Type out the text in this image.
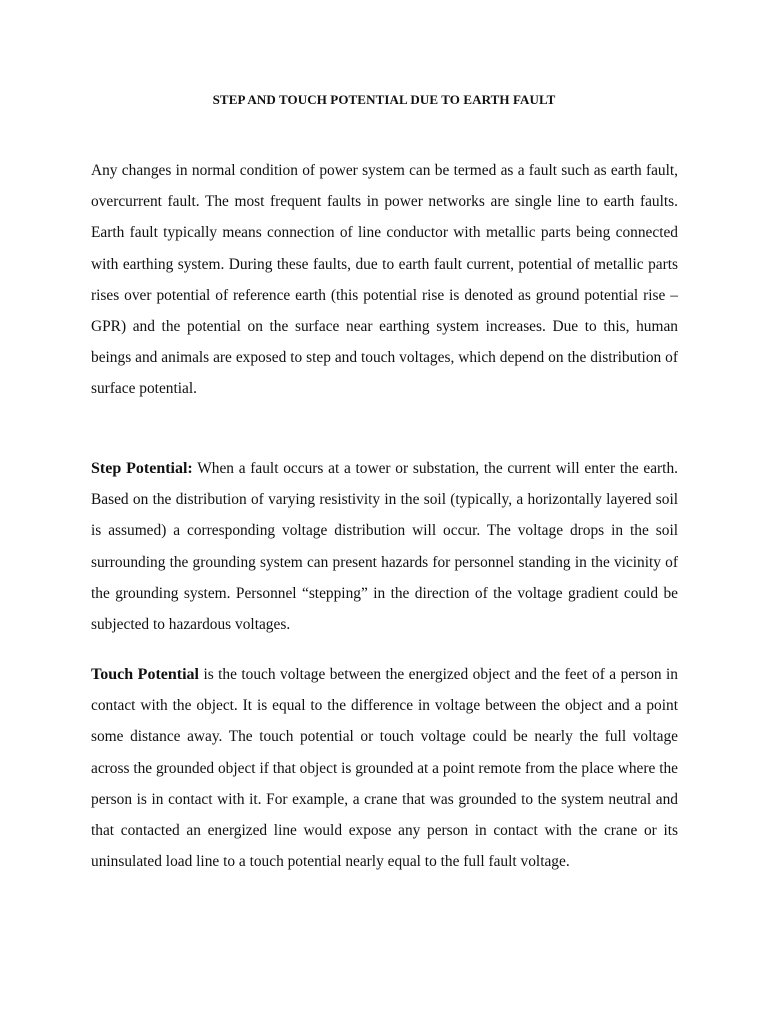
STEP AND TOUCH POTENTIAL DUE TO EARTH FAULT

Any changes in normal condition of power system can be termed as a fault such as earth fault, overcurrent fault. The most frequent faults in power networks are single line to earth faults. Earth fault typically means connection of line conductor with metallic parts being connected with earthing system. During these faults, due to earth fault current, potential of metallic parts rises over potential of reference earth (this potential rise is denoted as ground potential rise – GPR) and the potential on the surface near earthing system increases. Due to this, human beings and animals are exposed to step and touch voltages, which depend on the distribution of surface potential.

Step Potential: When a fault occurs at a tower or substation, the current will enter the earth. Based on the distribution of varying resistivity in the soil (typically, a horizontally layered soil is assumed) a corresponding voltage distribution will occur. The voltage drops in the soil surrounding the grounding system can present hazards for personnel standing in the vicinity of the grounding system. Personnel “stepping” in the direction of the voltage gradient could be subjected to hazardous voltages.

Touch Potential is the touch voltage between the energized object and the feet of a person in contact with the object. It is equal to the difference in voltage between the object and a point some distance away. The touch potential or touch voltage could be nearly the full voltage across the grounded object if that object is grounded at a point remote from the place where the person is in contact with it. For example, a crane that was grounded to the system neutral and that contacted an energized line would expose any person in contact with the crane or its uninsulated load line to a touch potential nearly equal to the full fault voltage.
